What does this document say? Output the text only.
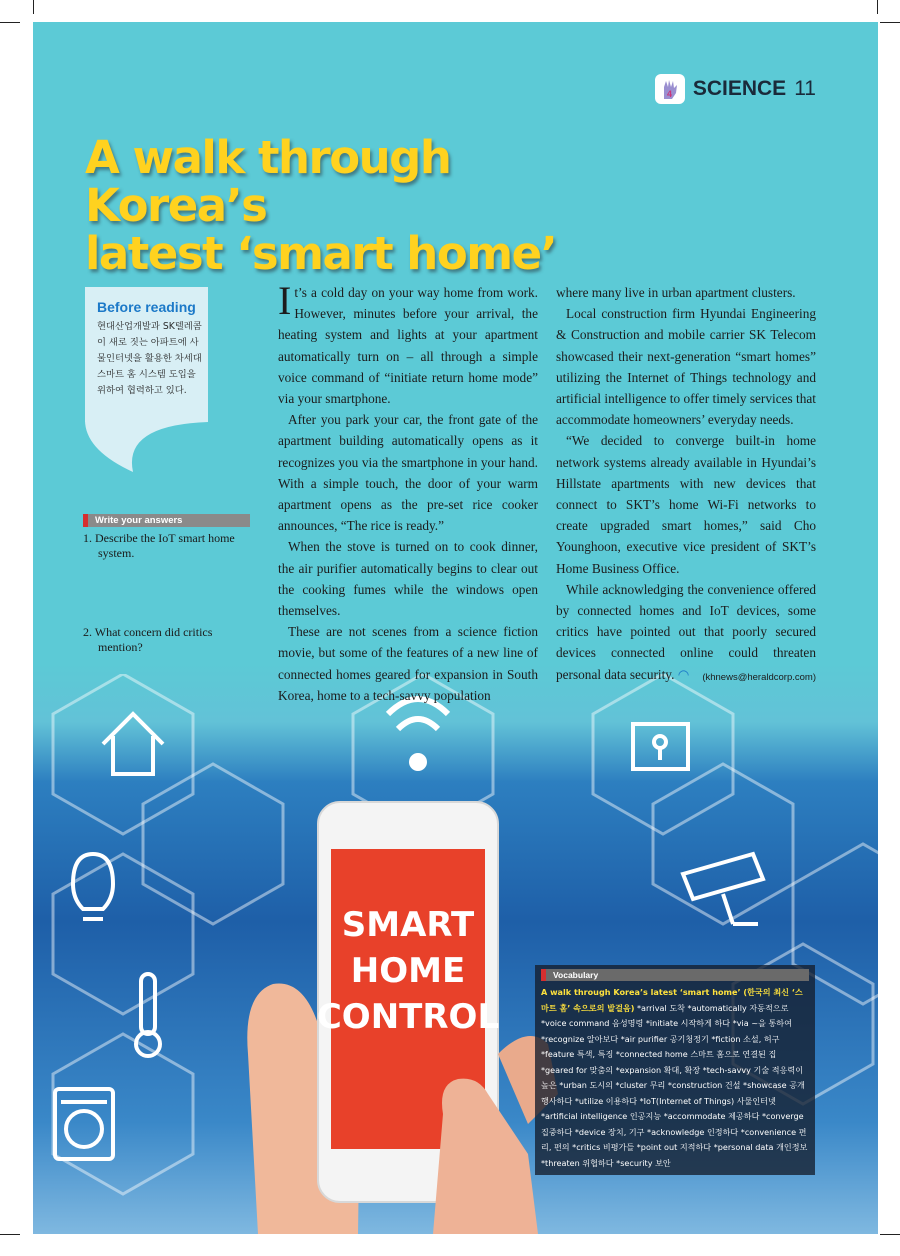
4 SCIENCE 11
A walk through Korea’s
latest ‘smart home’
Before reading
현대산업개발과 SK텔레콤이 새로 짓는 아파트에 사물인터넷을 활용한 차세대 스마트 홈 시스템 도입을 위하여 협력하고 있다.
Write your answers
1. Describe the IoT smart home system.
2. What concern did critics mention?

It’s a cold day on your way home from work. However, minutes before your arrival, the heating system and lights at your apartment automatically turn on – all through a simple voice command of “initiate return home mode” via your smartphone.

After you park your car, the front gate of the apartment building automatically opens as it recognizes you via the smartphone in your hand. With a simple touch, the door of your warm apartment opens as the pre-set rice cooker announces, “The rice is ready.”

When the stove is turned on to cook dinner, the air purifier automatically begins to clear out the cooking fumes while the windows open themselves.

These are not scenes from a science fiction movie, but some of the features of a new line of connected homes geared for expansion in South Korea, home to a tech-savvy population

where many live in urban apartment clusters.

Local construction firm Hyundai Engineering & Construction and mobile carrier SK Telecom showcased their next-generation “smart homes” utilizing the Internet of Things technology and artificial intelligence to offer timely services that accommodate homeowners’ everyday needs.

“We decided to converge built-in home network systems already available in Hyundai’s Hillstate apartments with new devices that connect to SKT’s home Wi-Fi networks to create upgraded smart homes,” said Cho Younghoon, executive vice president of SKT’s Home Business Office.

While acknowledging the convenience offered by connected homes and IoT devices, some critics have pointed out that poorly secured devices connected online could threaten personal data security. ◠	(khnews@heraldcorp.com)

SMART
HOME
CONTROL
Vocabulary
A walk through Korea’s latest ‘smart home’ (한국의 최신 ‘스마트 홈’ 속으로의 발걸음) *arrival 도착 *automatically 자동적으로 *voice command 음성명령 *initiate 시작하게 하다 *via ~을 통하여 *recognize 알아보다 *air purifier 공기청정기 *fiction 소설, 허구 *feature 특색, 특징 *connected home 스마트 홈으로 연결된 집 *geared for 맞춤의 *expansion 확대, 확장 *tech-savvy 기술 적응력이 높은 *urban 도시의 *cluster 무리 *construction 건설 *showcase 공개 행사하다 *utilize 이용하다 *IoT(Internet of Things) 사물인터넷 *artificial intelligence 인공지능 *accommodate 제공하다 *converge 집중하다 *device 장치, 기구 *acknowledge 인정하다 *convenience 편리, 편의 *critics 비평가들 *point out 지적하다 *personal data 개인정보 *threaten 위협하다 *security 보안
